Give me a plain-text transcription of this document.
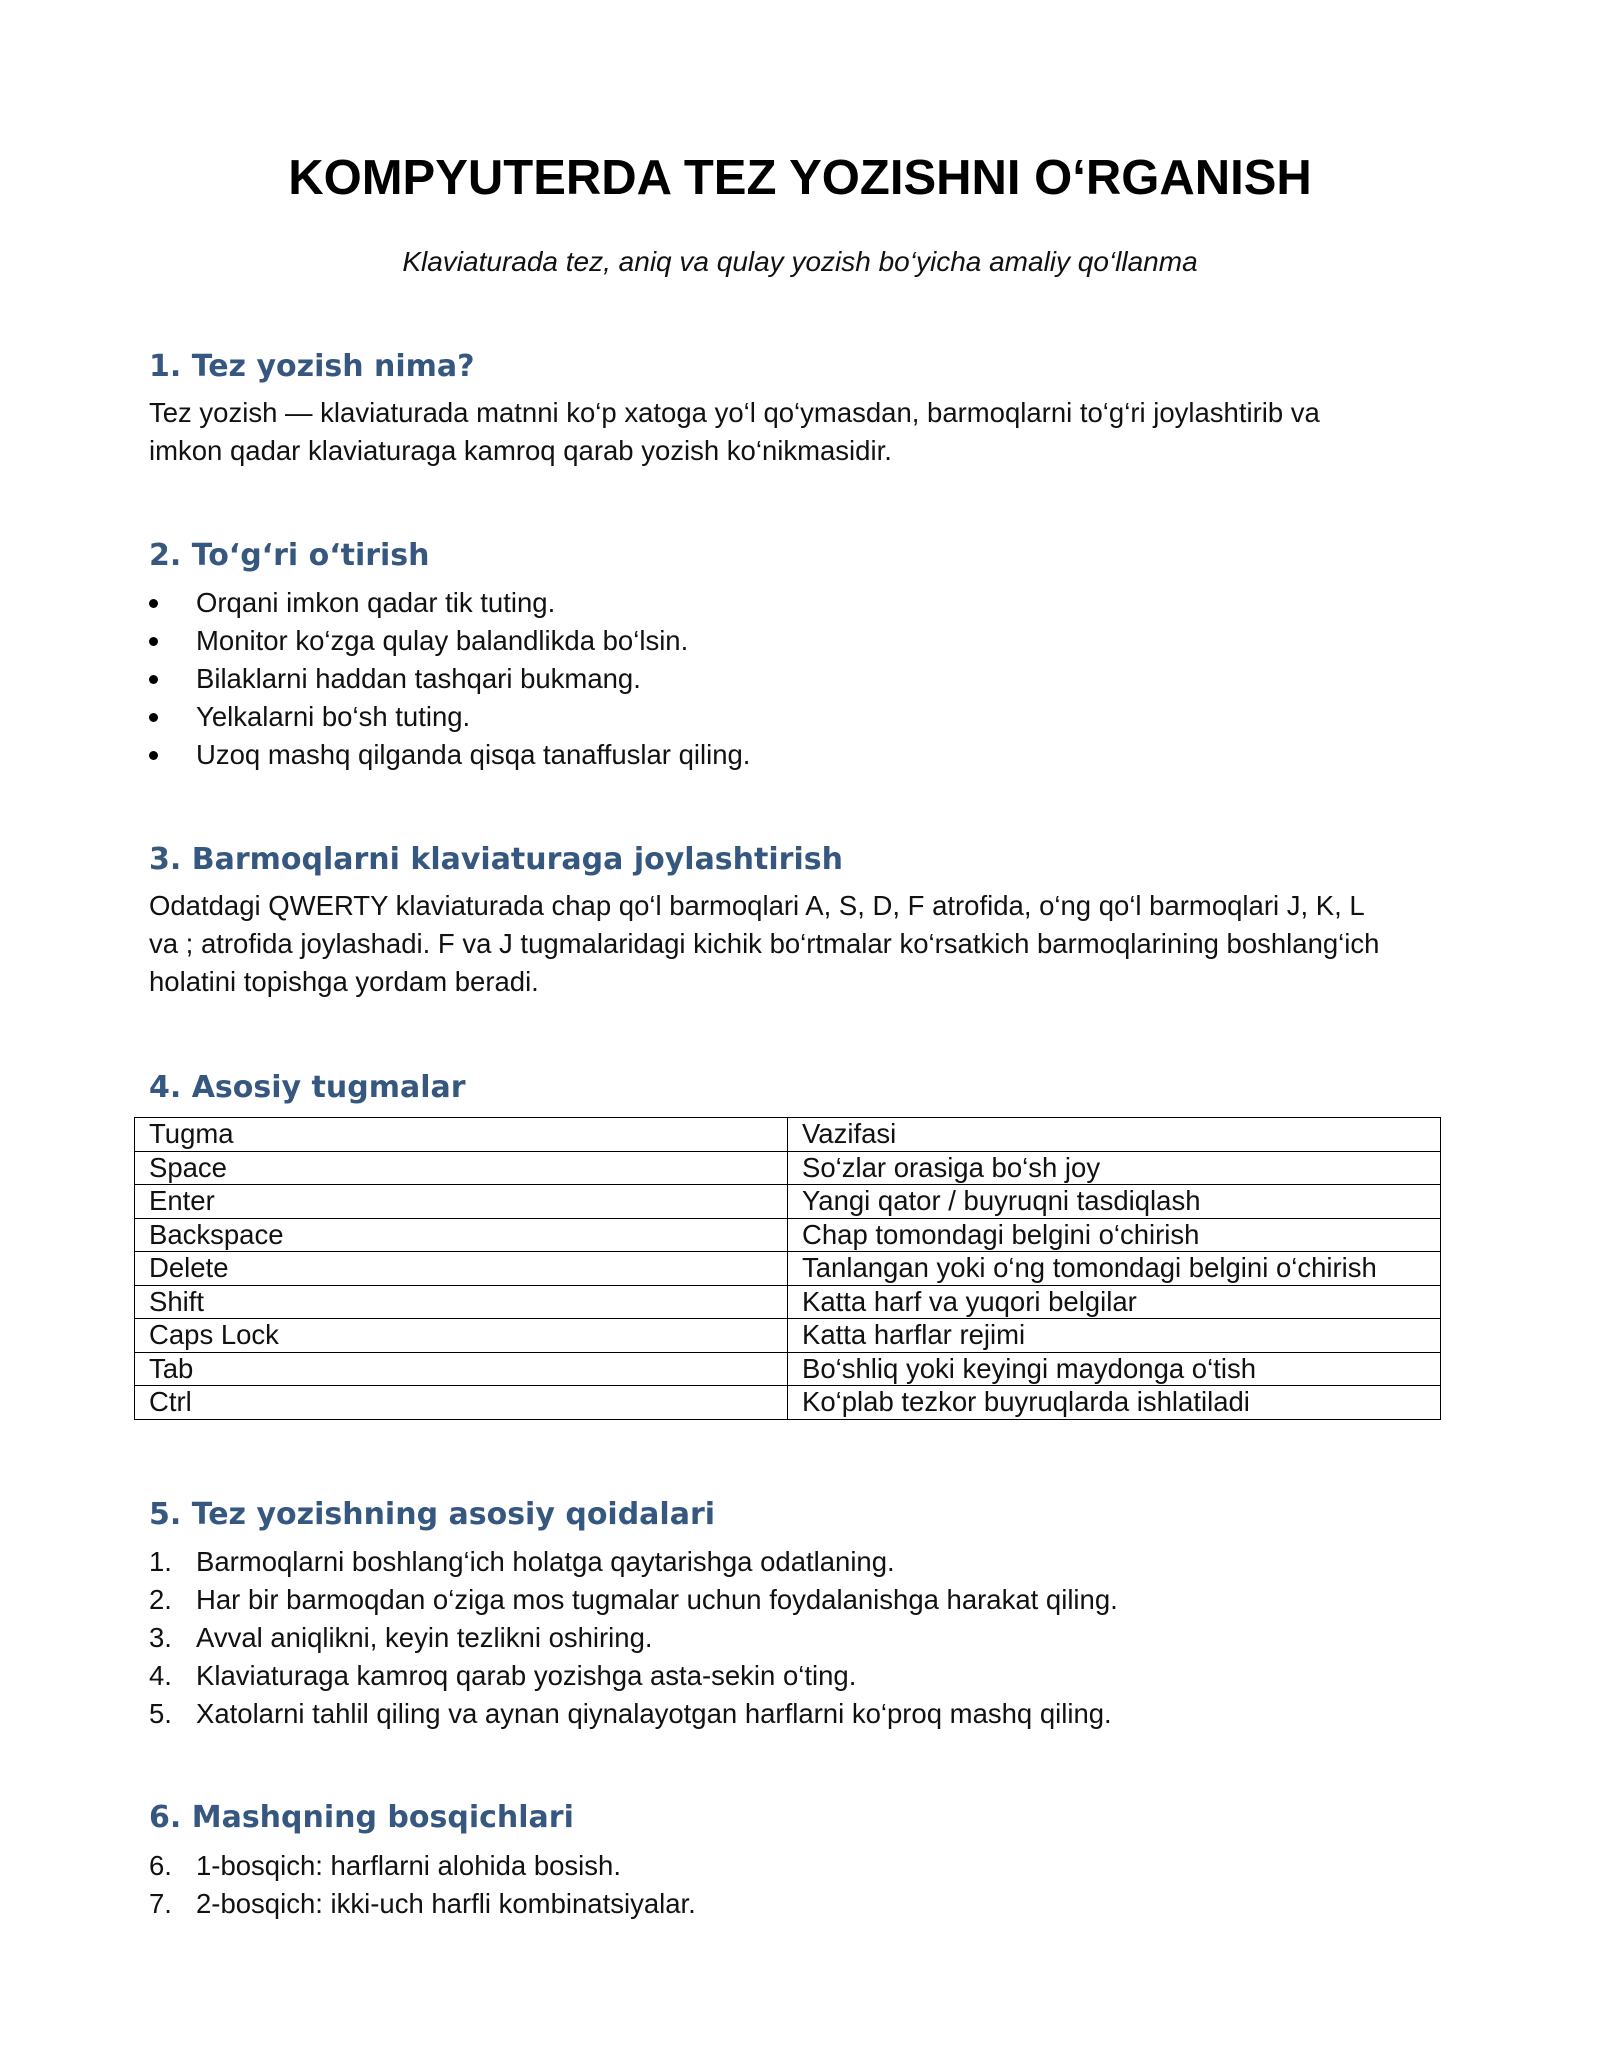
KOMPYUTERDA TEZ YOZISHNI O‘RGANISH

Klaviaturada tez, aniq va qulay yozish bo‘yicha amaliy qo‘llanma

1. Tez yozish nima?

Tez yozish — klaviaturada matnni ko‘p xatoga yo‘l qo‘ymasdan, barmoqlarni to‘g‘ri joylashtirib va
imkon qadar klaviaturaga kamroq qarab yozish ko‘nikmasidir.

2. To‘g‘ri o‘tirish
Orqani imkon qadar tik tuting.
Monitor ko‘zga qulay balandlikda bo‘lsin.
Bilaklarni haddan tashqari bukmang.
Yelkalarni bo‘sh tuting.
Uzoq mashq qilganda qisqa tanaffuslar qiling.
3. Barmoqlarni klaviaturaga joylashtirish

Odatdagi QWERTY klaviaturada chap qo‘l barmoqlari A, S, D, F atrofida, o‘ng qo‘l barmoqlari J, K, L
va ; atrofida joylashadi. F va J tugmalaridagi kichik bo‘rtmalar ko‘rsatkich barmoqlarining boshlang‘ich
holatini topishga yordam beradi.

4. Asosiy tugmalar
Tugma	Vazifasi
Space	So‘zlar orasiga bo‘sh joy
Enter	Yangi qator / buyruqni tasdiqlash
Backspace	Chap tomondagi belgini o‘chirish
Delete	Tanlangan yoki o‘ng tomondagi belgini o‘chirish
Shift	Katta harf va yuqori belgilar
Caps Lock	Katta harflar rejimi
Tab	Bo‘shliq yoki keyingi maydonga o‘tish
Ctrl	Ko‘plab tezkor buyruqlarda ishlatiladi
5. Tez yozishning asosiy qoidalari
1. Barmoqlarni boshlang‘ich holatga qaytarishga odatlaning.
2. Har bir barmoqdan o‘ziga mos tugmalar uchun foydalanishga harakat qiling.
3. Avval aniqlikni, keyin tezlikni oshiring.
4. Klaviaturaga kamroq qarab yozishga asta-sekin o‘ting.
5. Xatolarni tahlil qiling va aynan qiynalayotgan harflarni ko‘proq mashq qiling.
6. Mashqning bosqichlari
6. 1-bosqich: harflarni alohida bosish.
7. 2-bosqich: ikki-uch harfli kombinatsiyalar.
